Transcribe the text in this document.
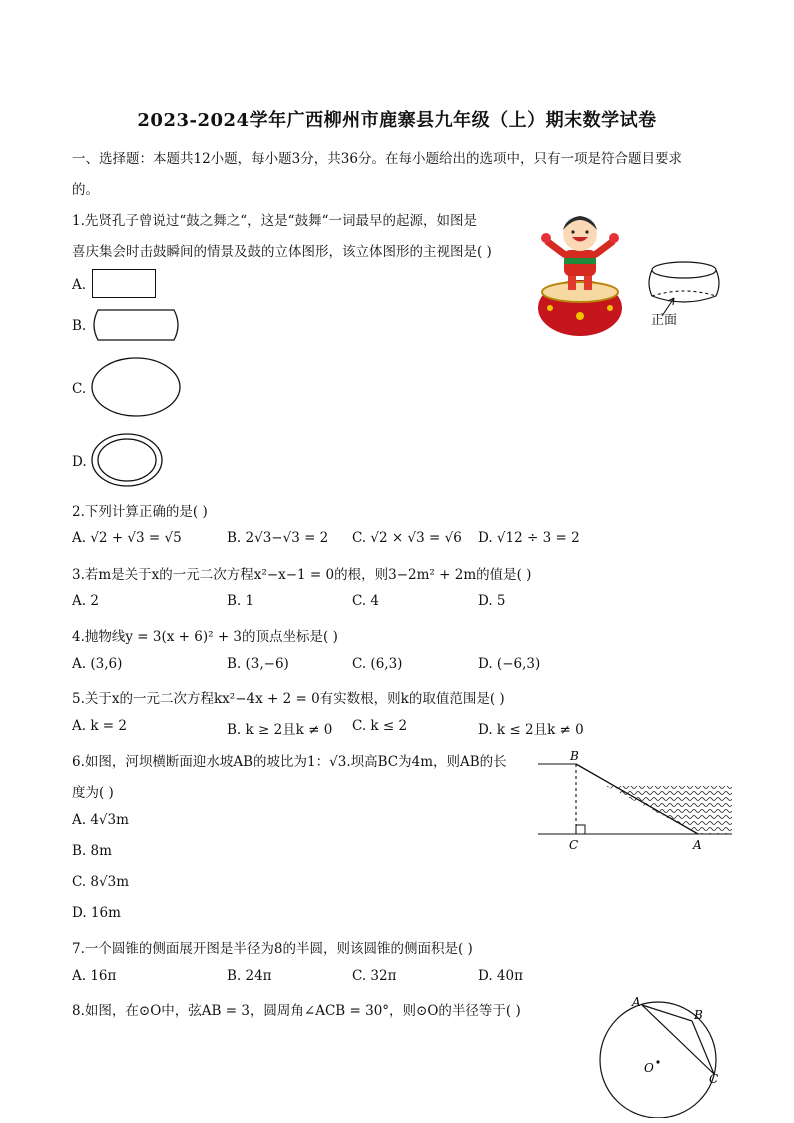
2023-2024学年广西柳州市鹿寨县九年级（上）期末数学试卷
一、选择题：本题共12小题，每小题3分，共36分。在每小题给出的选项中，只有一项是符合题目要求
的。
1.先贤孔子曾说过“鼓之舞之“，这是“鼓舞“一词最早的起源，如图是
喜庆集会时击鼓瞬间的情景及鼓的立体图形，该立体图形的主视图是( )
A.
B.
C.
D.
正面
2.下列计算正确的是( )
A. √2 + √3 = √5	B. 2√3−√3 = 2 C. √2 × √3 = √6 D. √12 ÷ 3 = 2
3.若m是关于x的一元二次方程x²−x−1 = 0的根，则3−2m² + 2m的值是( )
A. 2	B. 1	C. 4	D. 5
4.抛物线y = 3(x + 6)² + 3的顶点坐标是( )
A. (3,6)	B. (3,−6)	C. (6,3)	D. (−6,3)
5.关于x的一元二次方程kx²−4x + 2 = 0有实数根，则k的取值范围是( )
A. k = 2	B. k ≥ 2且k ≠ 0 C. k ≤ 2	D. k ≤ 2且k ≠ 0
6.如图，河坝横断面迎水坡AB的坡比为1：√3.坝高BC为4m，则AB的长
度为( )
A. 4√3m
B. 8m
C. 8√3m
D. 16m
B
C	A
7.一个圆锥的侧面展开图是半径为8的半圆，则该圆锥的侧面积是( )
A. 16π	B. 24π	C. 32π	D. 40π
8.如图，在⊙O中，弦AB = 3，圆周角∠ACB = 30°，则⊙O的半径等于( )
A
B
C
O
